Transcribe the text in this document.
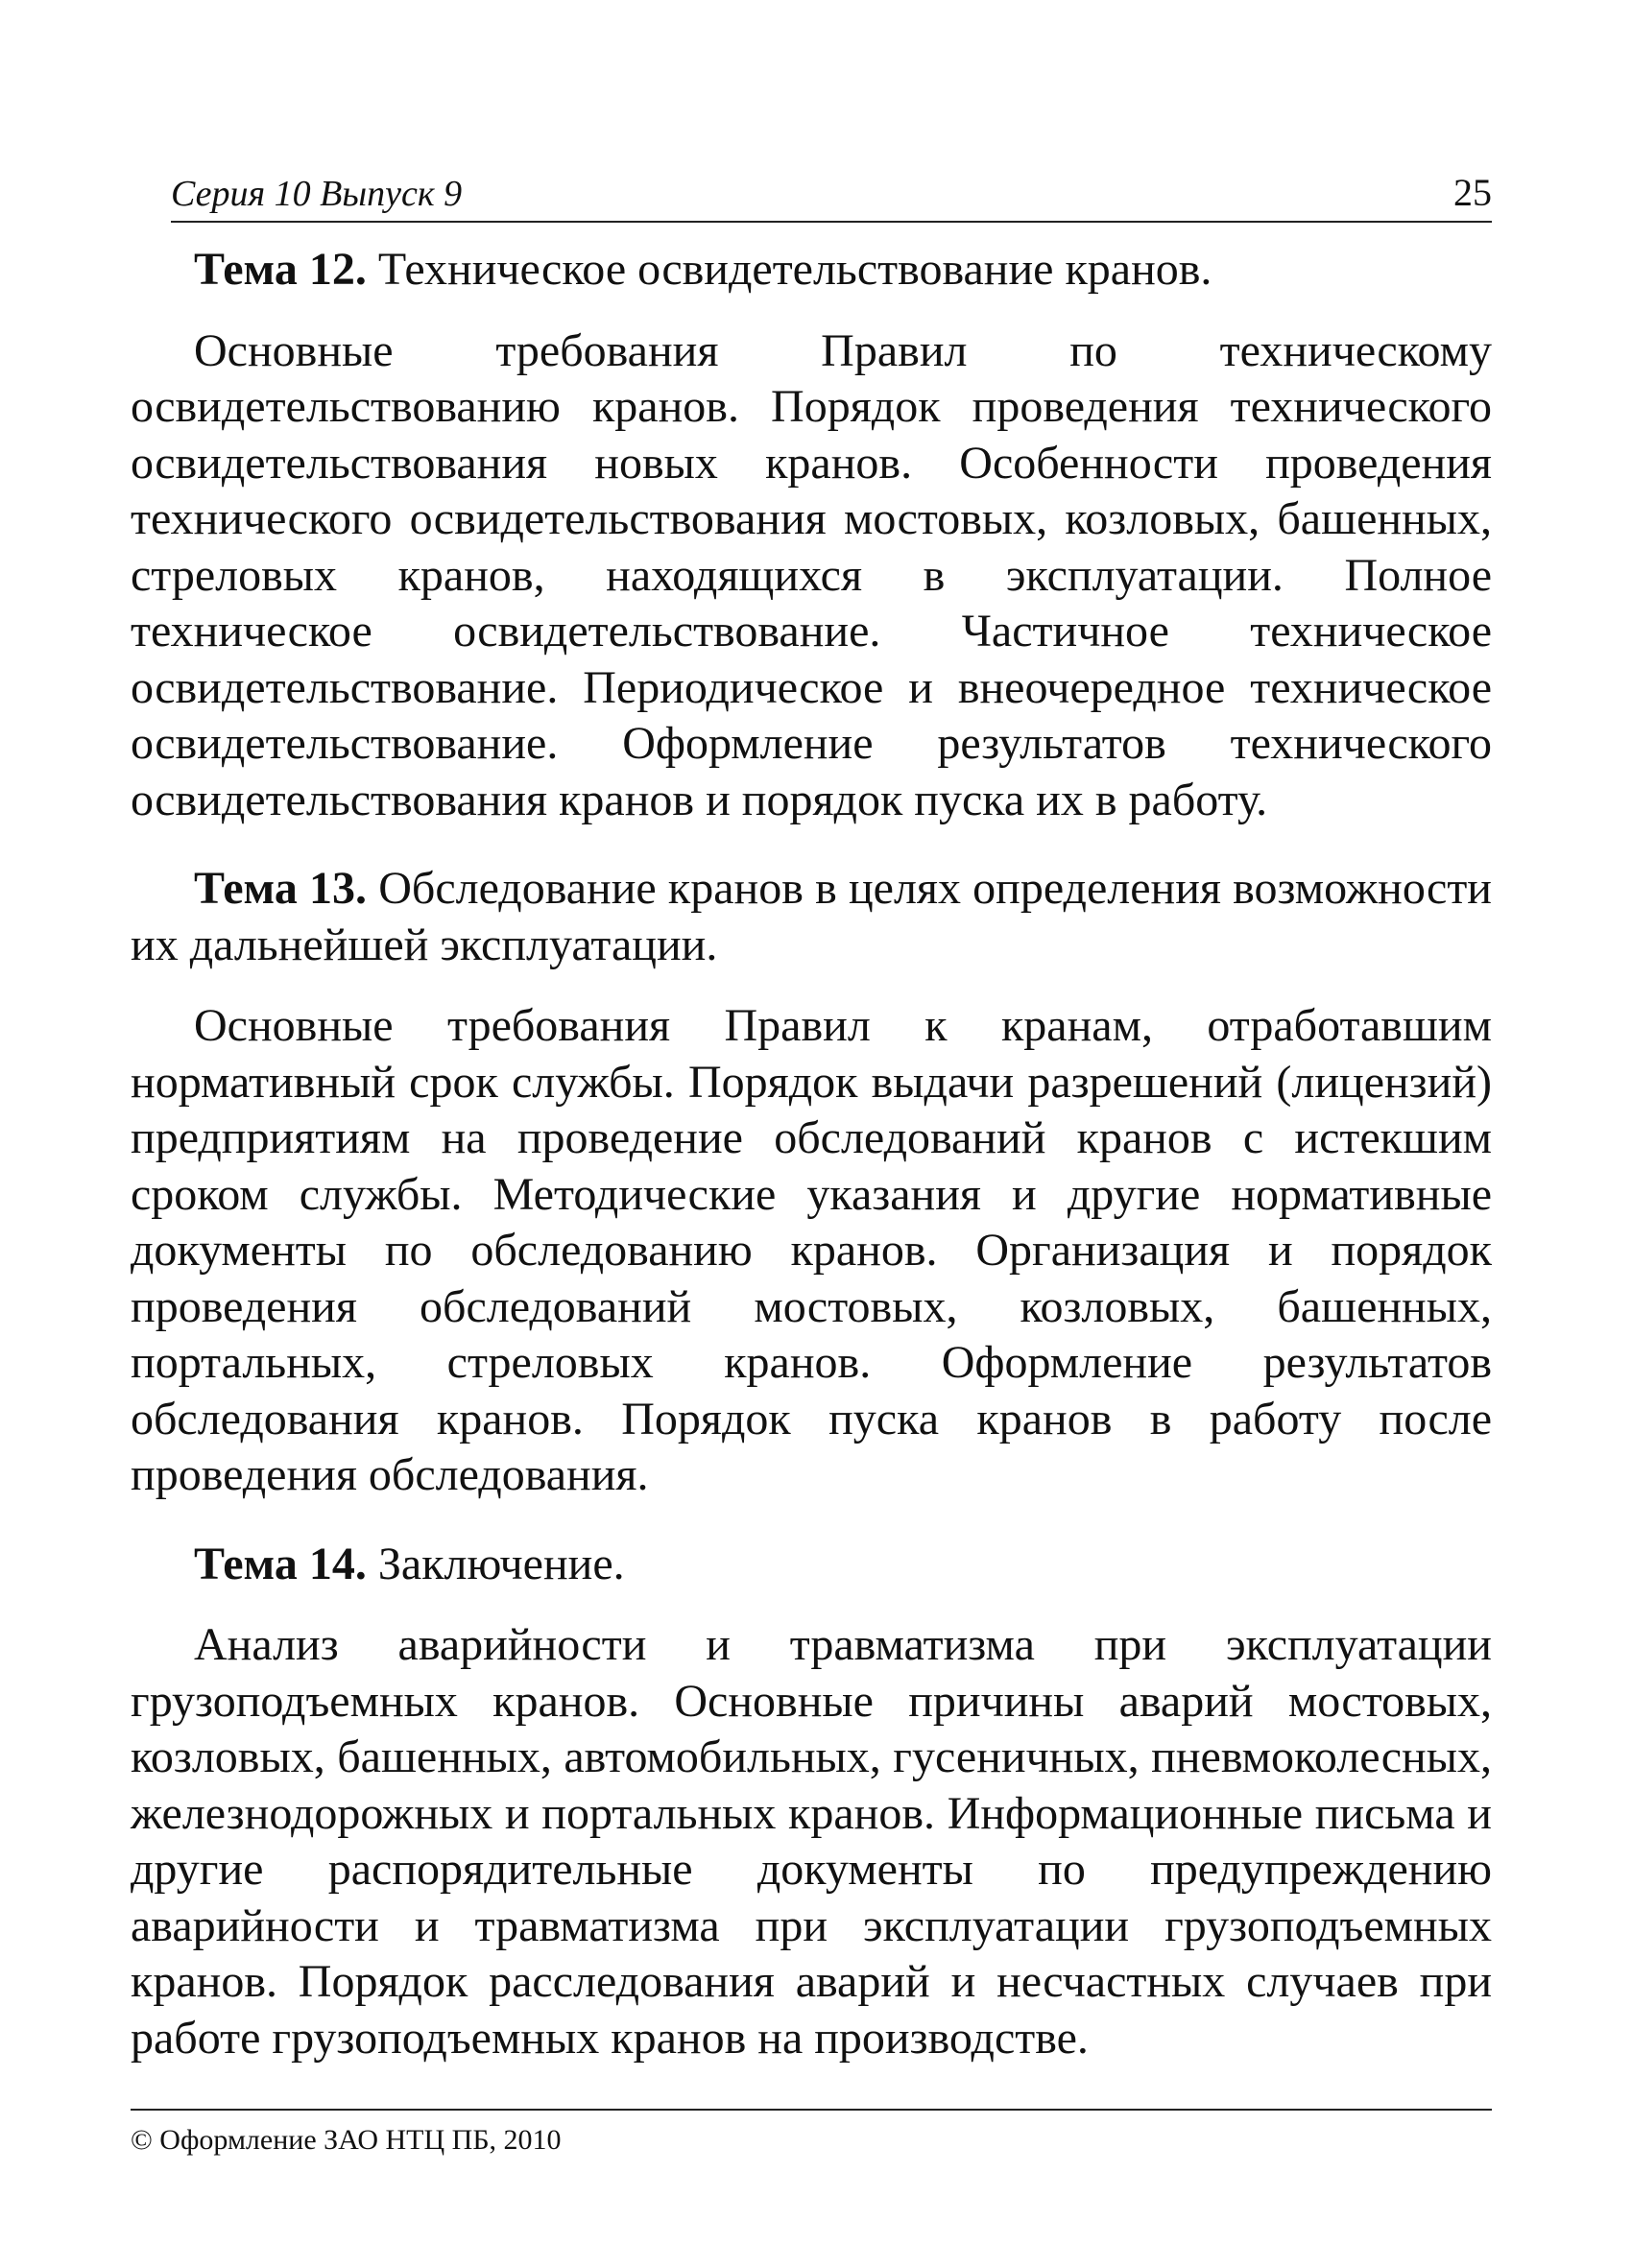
Серия 10 Выпуск 9	25

Тема 12. Техническое освидетельствование кранов.

Основные требования Правил по техническому освидетельствованию кранов. Порядок проведения технического освидетельствования новых кранов. Особенности проведения технического освидетельствования мостовых, козловых, башенных, стреловых кранов, находящихся в эксплуатации. Полное техническое освидетельствование. Частичное техническое освидетельствование. Периодическое и внеочередное техническое освидетельствование. Оформление результатов технического освидетельствования кранов и порядок пуска их в работу.

Тема 13. Обследование кранов в целях определения возможности их дальнейшей эксплуатации.

Основные требования Правил к кранам, отработавшим нормативный срок службы. Порядок выдачи разрешений (лицензий) предприятиям на проведение обследований кранов с истекшим сроком службы. Методические указания и другие нормативные документы по обследованию кранов. Организация и порядок проведения обследований мостовых, козловых, башенных, портальных, стреловых кранов. Оформление результатов обследования кранов. Порядок пуска кранов в работу после проведения обследования.

Тема 14. Заключение.

Анализ аварийности и травматизма при эксплуатации грузоподъемных кранов. Основные причины аварий мостовых, козловых, башенных, автомобильных, гусеничных, пневмоколесных, железнодорожных и портальных кранов. Информационные письма и другие распорядительные документы по предупреждению аварийности и травматизма при эксплуатации грузоподъемных кранов. Порядок расследования аварий и несчастных случаев при работе грузоподъемных кранов на производстве.

© Оформление ЗАО НТЦ ПБ, 2010
